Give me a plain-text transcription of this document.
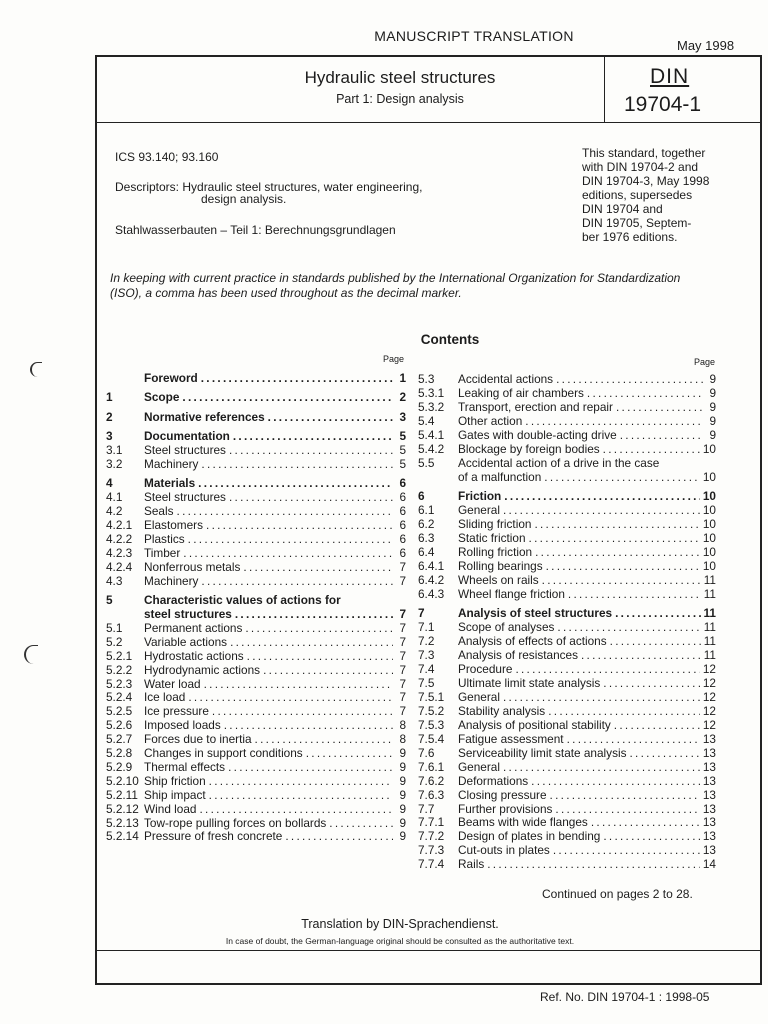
MANUSCRIPT TRANSLATION
May 1998
Hydraulic steel structures
Part 1: Design analysis
DIN
19704-1
ICS 93.140; 93.160
Descriptors: Hydraulic steel structures, water engineering,
design analysis.
Stahlwasserbauten – Teil 1: Berechnungsgrundlagen
This standard, together
with DIN 19704-2 and
DIN 19704-3, May 1998
editions, supersedes
DIN 19704 and
DIN 19705, Septem-
ber 1976 editions.
In keeping with current practice in standards published by the International Organization for Standardization
(ISO), a comma has been used throughout as the decimal marker.
Contents
Page	Page
Foreword . . .	1
1	Scope . . .	2
2	Normative references . . .	3
3	Documentation . . .	5
3.1	Steel structures . . .	5
3.2	Machinery . . .	5
4	Materials . . .	6
4.1	Steel structures . . .	6
4.2	Seals . . .	6
4.2.1 Elastomers . . .	6
4.2.2 Plastics . . .	6
4.2.3 Timber . . .	6
4.2.4 Nonferrous metals . . .	7
4.3	Machinery . . .	7
5	Characteristic values of actions for
steel structures . . .	7
5.1	Permanent actions . . .	7
5.2	Variable actions . . .	7
5.2.1 Hydrostatic actions . . .	7
5.2.2 Hydrodynamic actions . . .	7
5.2.3 Water load . . .	7
5.2.4 Ice load . . .	7
5.2.5 Ice pressure . . .	7
5.2.6 Imposed loads . . .	8
5.2.7 Forces due to inertia . . .	8
5.2.8 Changes in support conditions . . .	9
5.2.9 Thermal effects . . .	9
5.2.10 Ship friction . . .	9
5.2.11 Ship impact . . .	9
5.2.12 Wind load . . .	9
5.2.13 Tow-rope pulling forces on bollards . . .	9
5.2.14 Pressure of fresh concrete . . .	9
5.3	Accidental actions . . .	9
5.3.1	Leaking of air chambers . . .	9
5.3.2	Transport, erection and repair . . .	9
5.4	Other action . . .	9
5.4.1	Gates with double-acting drive . . .	9
5.4.2	Blockage by foreign bodies . . .	10
5.5	Accidental action of a drive in the case
of a malfunction . . .	10
6	Friction . . .	10
6.1	General . . .	10
6.2	Sliding friction . . .	10
6.3	Static friction . . .	10
6.4	Rolling friction . . .	10
6.4.1	Rolling bearings . . .	10
6.4.2	Wheels on rails . . .	11
6.4.3	Wheel flange friction . . .	11
7	Analysis of steel structures . . .	11
7.1	Scope of analyses . . .	11
7.2	Analysis of effects of actions . . .	11
7.3	Analysis of resistances . . .	11
7.4	Procedure . . .	12
7.5	Ultimate limit state analysis . . .	12
7.5.1	General . . .	12
7.5.2	Stability analysis . . .	12
7.5.3	Analysis of positional stability . . .	12
7.5.4	Fatigue assessment . . .	13
7.6	Serviceability limit state analysis . . .	13
7.6.1	General . . .	13
7.6.2	Deformations . . .	13
7.6.3	Closing pressure . . .	13
7.7	Further provisions . . .	13
7.7.1	Beams with wide flanges . . .	13
7.7.2	Design of plates in bending . . .	13
7.7.3	Cut-outs in plates . . .	13
7.7.4	Rails . . .	14
Continued on pages 2 to 28.
Translation by DIN-Sprachendienst.
In case of doubt, the German-language original should be consulted as the authoritative text.
Ref. No. DIN 19704-1 : 1998-05
